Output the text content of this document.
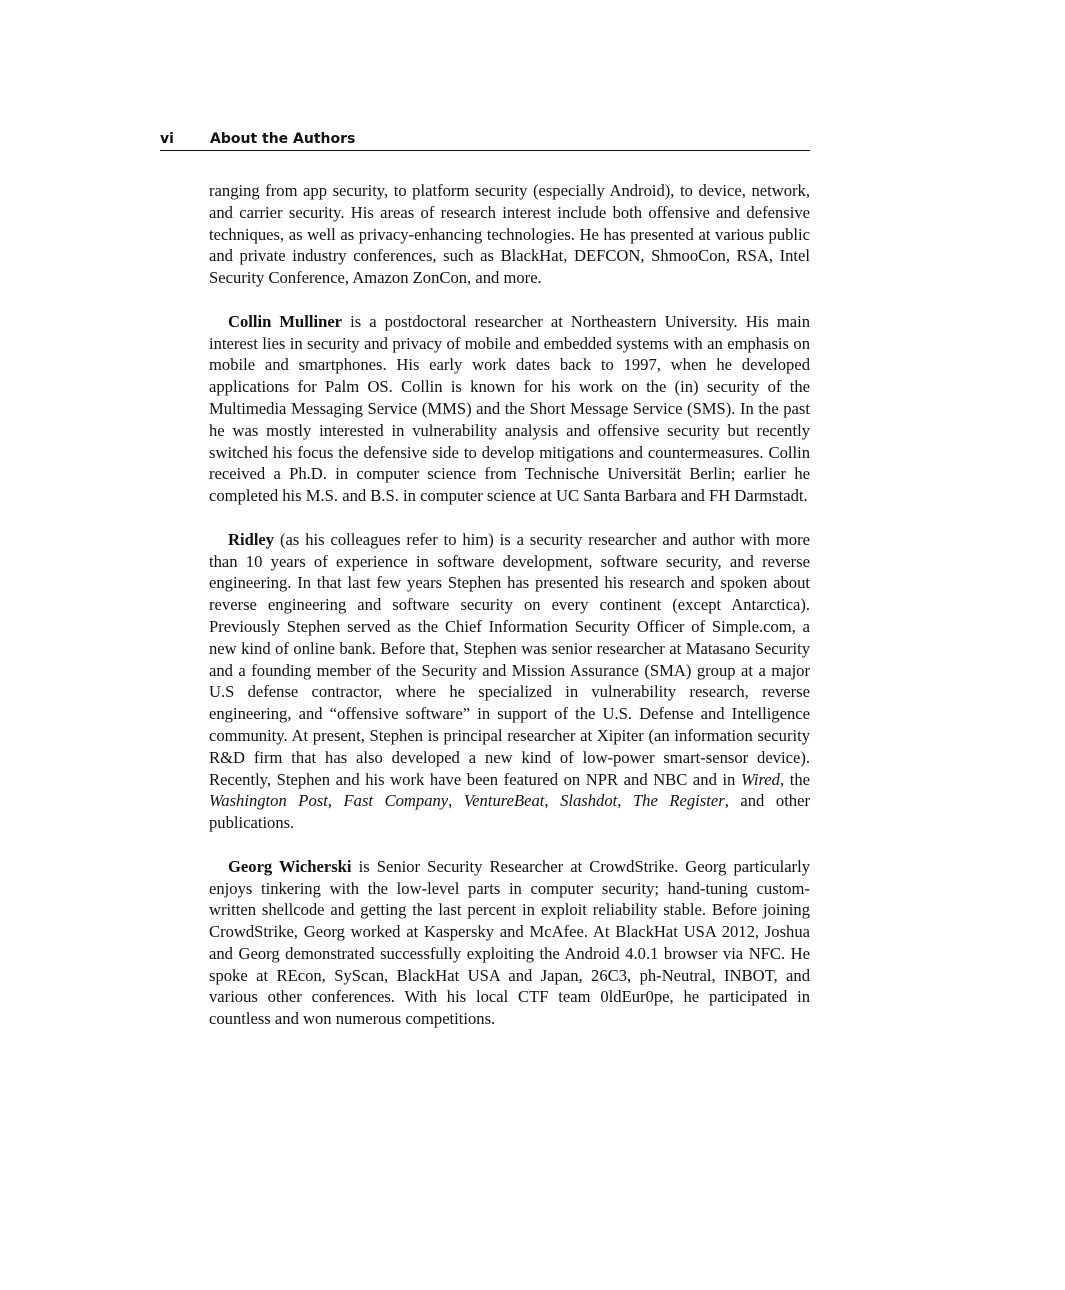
vi	About the Authors

ranging from app security, to platform security (especially Android), to device, network, and carrier security. His areas of research interest include both offensive and defensive techniques, as well as privacy-enhancing technologies. He has presented at various public and private industry conferences, such as BlackHat, DEFCON, ShmooCon, RSA, Intel Security Conference, Amazon ZonCon, and more.

Collin Mulliner is a postdoctoral researcher at Northeastern University. His main interest lies in security and privacy of mobile and embedded systems with an emphasis on mobile and smartphones. His early work dates back to 1997, when he developed applications for Palm OS. Collin is known for his work on the (in) security of the Multimedia Messaging Service (MMS) and the Short Message Service (SMS). In the past he was mostly interested in vulnerability analysis and offensive security but recently switched his focus the defensive side to develop mitigations and countermeasures. Collin received a Ph.D. in computer science from Technische Universität Berlin; earlier he completed his M.S. and B.S. in computer science at UC Santa Barbara and FH Darmstadt.

Ridley (as his colleagues refer to him) is a security researcher and author with more than 10 years of experience in software development, software security, and reverse engineering. In that last few years Stephen has presented his research and spoken about reverse engineering and software security on every continent (except Antarctica). Previously Stephen served as the Chief Information Security Officer of Simple.com, a new kind of online bank. Before that, Stephen was senior researcher at Matasano Security and a founding member of the Security and Mission Assurance (SMA) group at a major U.S defense contractor, where he specialized in vulnerability research, reverse engineering, and “offensive software” in support of the U.S. Defense and Intelligence community. At present, Stephen is principal researcher at Xipiter (an information security R&D firm that has also developed a new kind of low-power smart-sensor device). Recently, Stephen and his work have been featured on NPR and NBC and in Wired, the Washington Post, Fast Company, VentureBeat, Slashdot, The Register, and other publications.

Georg Wicherski is Senior Security Researcher at CrowdStrike. Georg particularly enjoys tinkering with the low-level parts in computer security; hand-tuning custom-written shellcode and getting the last percent in exploit reliability stable. Before joining CrowdStrike, Georg worked at Kaspersky and McAfee. At BlackHat USA 2012, Joshua and Georg demonstrated successfully exploiting the Android 4.0.1 browser via NFC. He spoke at REcon, SyScan, BlackHat USA and Japan, 26C3, ph-Neutral, INBOT, and various other conferences. With his local CTF team 0ldEur0pe, he participated in countless and won numerous competitions.
